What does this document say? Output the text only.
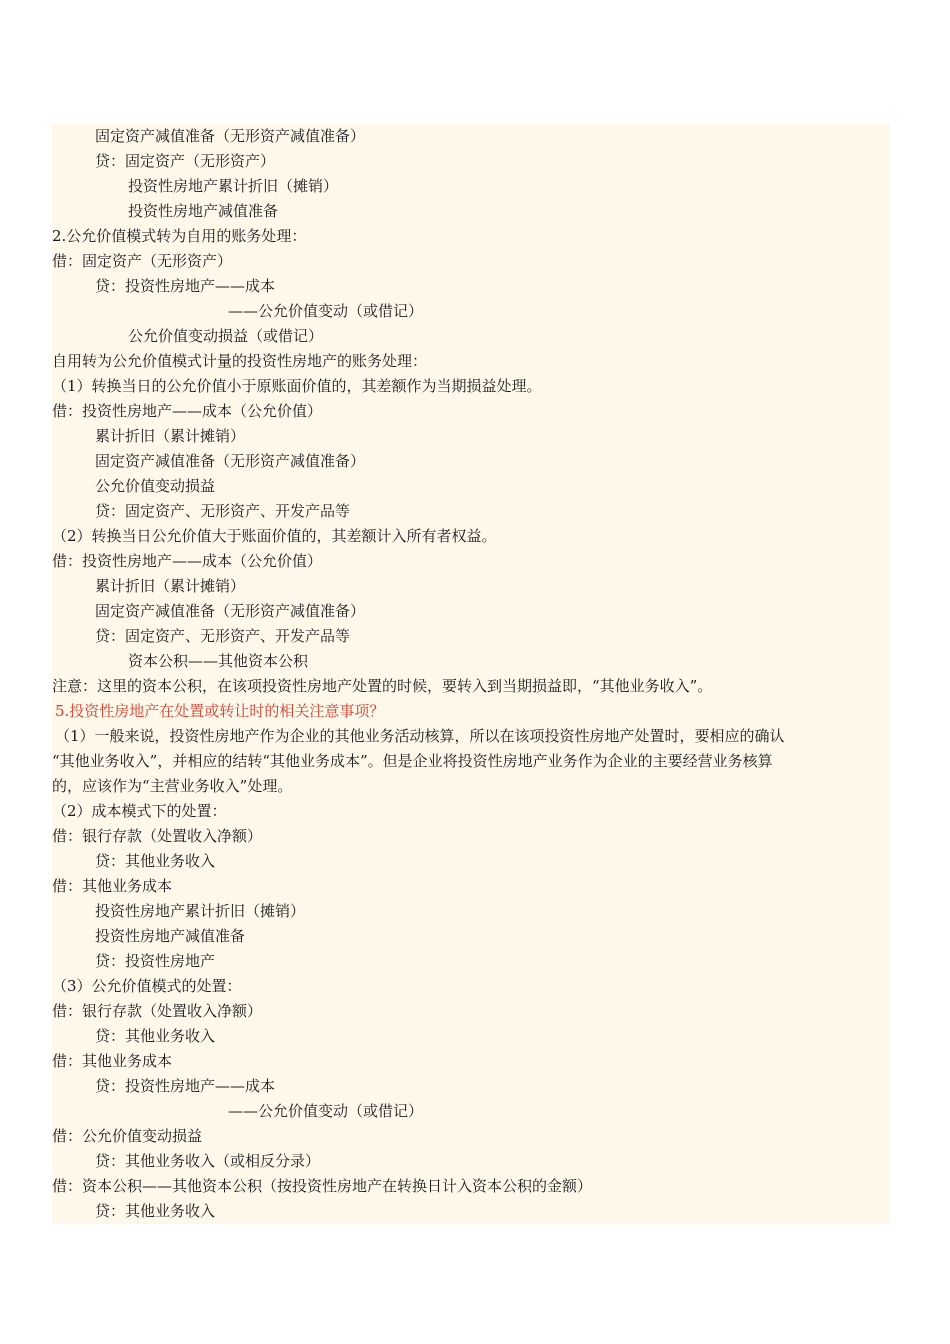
固定资产减值准备（无形资产减值准备）
贷：固定资产（无形资产）
投资性房地产累计折旧（摊销）
投资性房地产减值准备
2.公允价值模式转为自用的账务处理：
借：固定资产（无形资产）
贷：投资性房地产——成本
——公允价值变动（或借记）
公允价值变动损益（或借记）
自用转为公允价值模式计量的投资性房地产的账务处理：
（1）转换当日的公允价值小于原账面价值的，其差额作为当期损益处理。
借：投资性房地产——成本（公允价值）
累计折旧（累计摊销）
固定资产减值准备（无形资产减值准备）
公允价值变动损益
贷：固定资产、无形资产、开发产品等
（2）转换当日公允价值大于账面价值的，其差额计入所有者权益。
借：投资性房地产——成本（公允价值）
累计折旧（累计摊销）
固定资产减值准备（无形资产减值准备）
贷：固定资产、无形资产、开发产品等
资本公积——其他资本公积
注意：这里的资本公积，在该项投资性房地产处置的时候，要转入到当期损益即，“其他业务收入”。
5.投资性房地产在处置或转让时的相关注意事项？
（1）一般来说，投资性房地产作为企业的其他业务活动核算，所以在该项投资性房地产处置时，要相应的确认
“其他业务收入”，并相应的结转“其他业务成本”。但是企业将投资性房地产业务作为企业的主要经营业务核算
的，应该作为“主营业务收入”处理。
（2）成本模式下的处置：
借：银行存款（处置收入净额）
贷：其他业务收入
借：其他业务成本
投资性房地产累计折旧（摊销）
投资性房地产减值准备
贷：投资性房地产
（3）公允价值模式的处置：
借：银行存款（处置收入净额）
贷：其他业务收入
借：其他业务成本
贷：投资性房地产——成本
——公允价值变动（或借记）
借：公允价值变动损益
贷：其他业务收入（或相反分录）
借：资本公积——其他资本公积（按投资性房地产在转换日计入资本公积的金额）
贷：其他业务收入
